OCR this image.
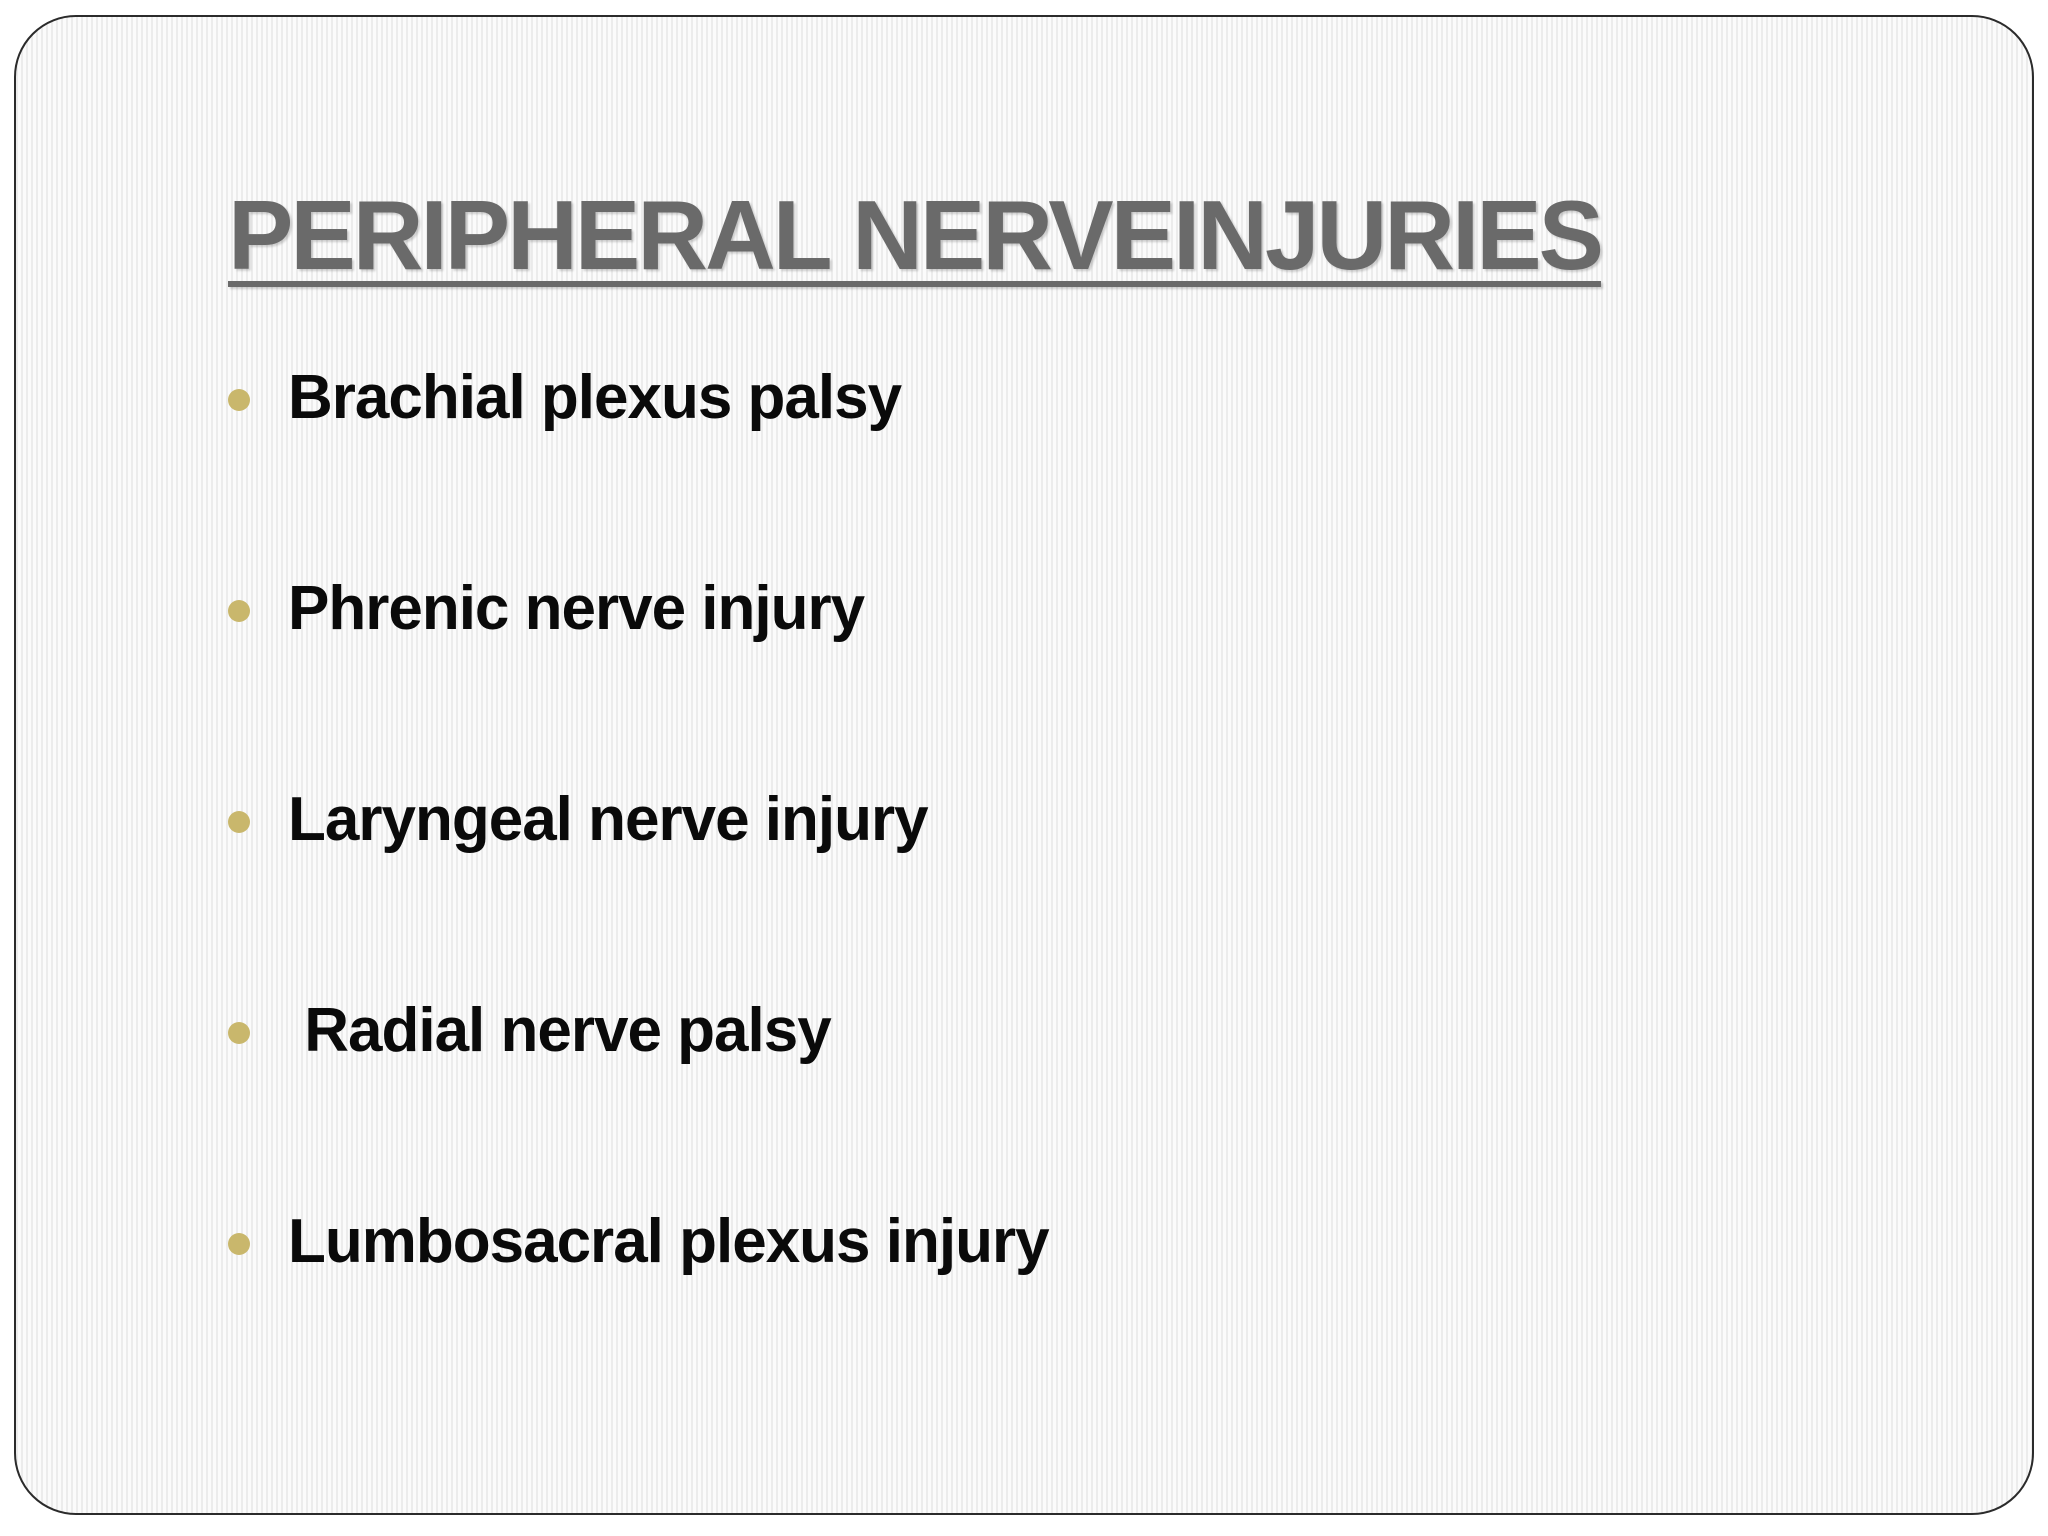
PERIPHERAL NERVEINJURIES
Brachial plexus palsy
Phrenic nerve injury
Laryngeal nerve injury
Radial nerve palsy
Lumbosacral plexus injury
